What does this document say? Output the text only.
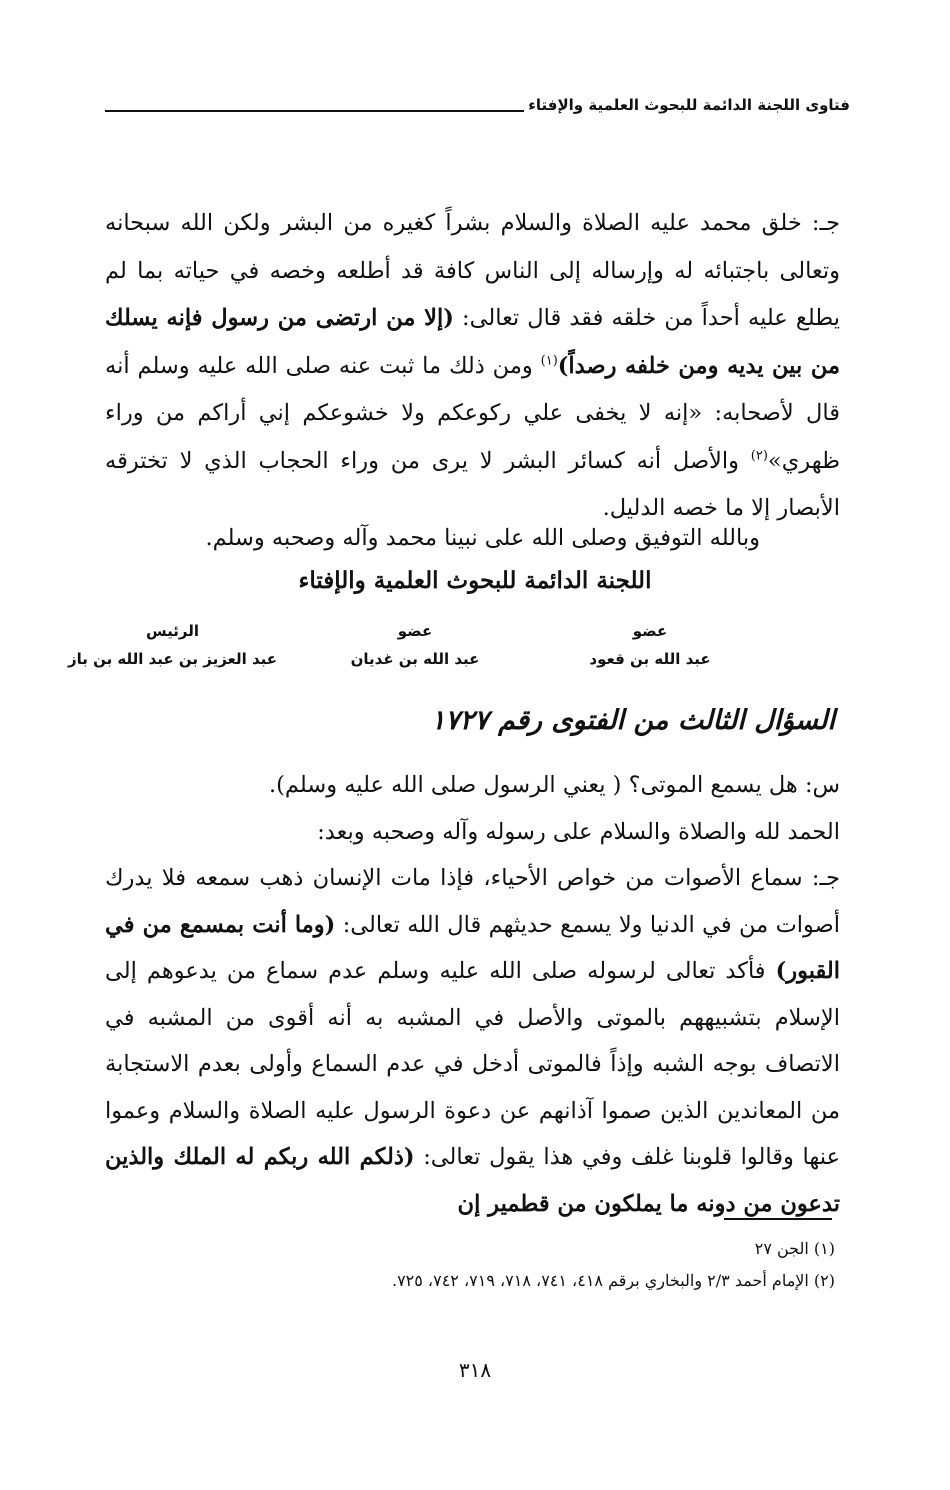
فتاوى اللجنة الدائمة للبحوث العلمية والإفتاء

جـ: خلق محمد عليه الصلاة والسلام بشراً كغيره من البشر ولكن الله سبحانه وتعالى باجتبائه له وإرساله إلى الناس كافة قد أطلعه وخصه في حياته بما لم يطلع عليه أحداً من خلقه فقد قال تعالى: (إلا من ارتضى من رسول فإنه يسلك من بين يديه ومن خلفه رصداً)$^{(١)}$ ومن ذلك ما ثبت عنه صلى الله عليه وسلم أنه قال لأصحابه: «إنه لا يخفى علي ركوعكم ولا خشوعكم إني أراكم من وراء ظهري»$^{(٢)}$ والأصل أنه كسائر البشر لا يرى من وراء الحجاب الذي لا تخترقه الأبصار إلا ما خصه الدليل.

وبالله التوفيق وصلى الله على نبينا محمد وآله وصحبه وسلم.
اللجنة الدائمة للبحوث العلمية والإفتاء
عضو
عبد الله بن قعود
عضو
عبد الله بن غديان
الرئيس
عبد العزيز بن عبد الله بن باز
السؤال الثالث من الفتوى رقم ١٧٢٧

س: هل يسمع الموتى؟ ( يعني الرسول صلى الله عليه وسلم).

الحمد لله والصلاة والسلام على رسوله وآله وصحبه وبعد:

جـ: سماع الأصوات من خواص الأحياء، فإذا مات الإنسان ذهب سمعه فلا يدرك أصوات من في الدنيا ولا يسمع حديثهم قال الله تعالى: (وما أنت بمسمع من في القبور) فأكد تعالى لرسوله صلى الله عليه وسلم عدم سماع من يدعوهم إلى الإسلام بتشبيههم بالموتى والأصل في المشبه به أنه أقوى من المشبه في الاتصاف بوجه الشبه وإذاً فالموتى أدخل في عدم السماع وأولى بعدم الاستجابة من المعاندين الذين صموا آذانهم عن دعوة الرسول عليه الصلاة والسلام وعموا عنها وقالوا قلوبنا غلف وفي هذا يقول تعالى: (ذلكم الله ربكم له الملك والذين تدعون من دونه ما يملكون من قطمير إن

(١) الجن ٢٧
(٢) الإمام أحمد ٢/٣ والبخاري برقم ٤١٨، ٧٤١، ٧١٨، ٧١٩، ٧٤٢، ٧٢٥.
٣١٨
